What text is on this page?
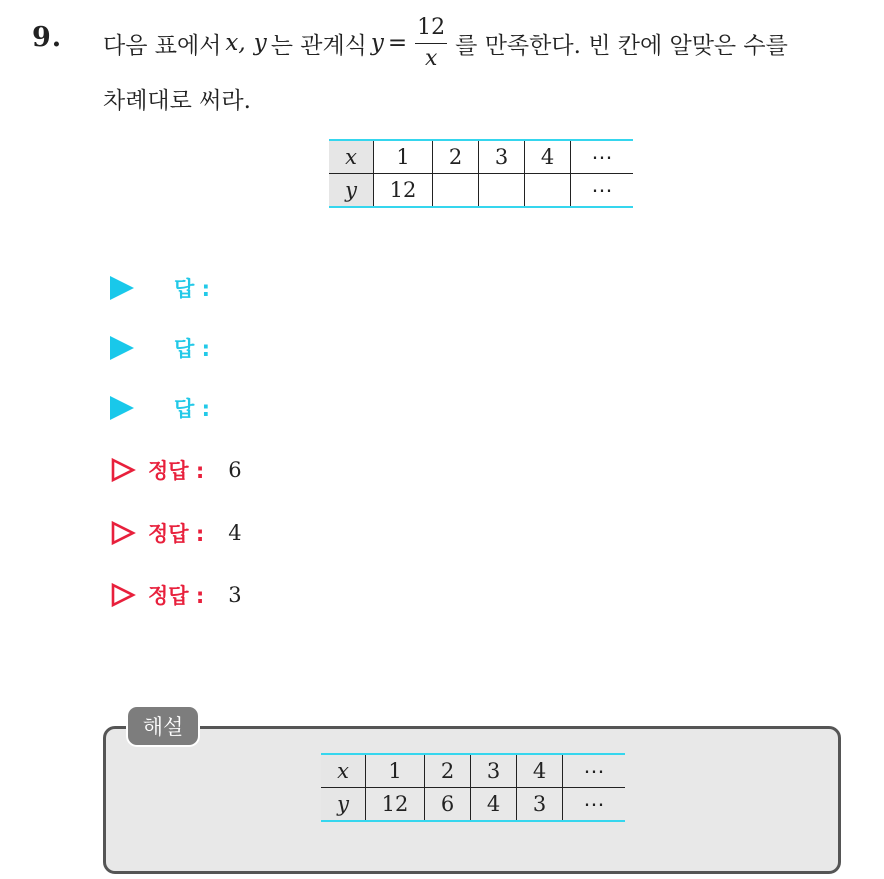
9. 다음 표에서 x, y 는 관계식 $y = \frac{12}{x}$ 를 만족한다. 빈 칸에 알맞은 수를
차례대로 써라.
x	1	2	3	4	⋯
y	12				⋯
답 :
답 :
답 :
정답 : 6
정답 : 4
정답 : 3
해설
x	1	2	3	4	⋯
y	12	6	4	3	⋯
